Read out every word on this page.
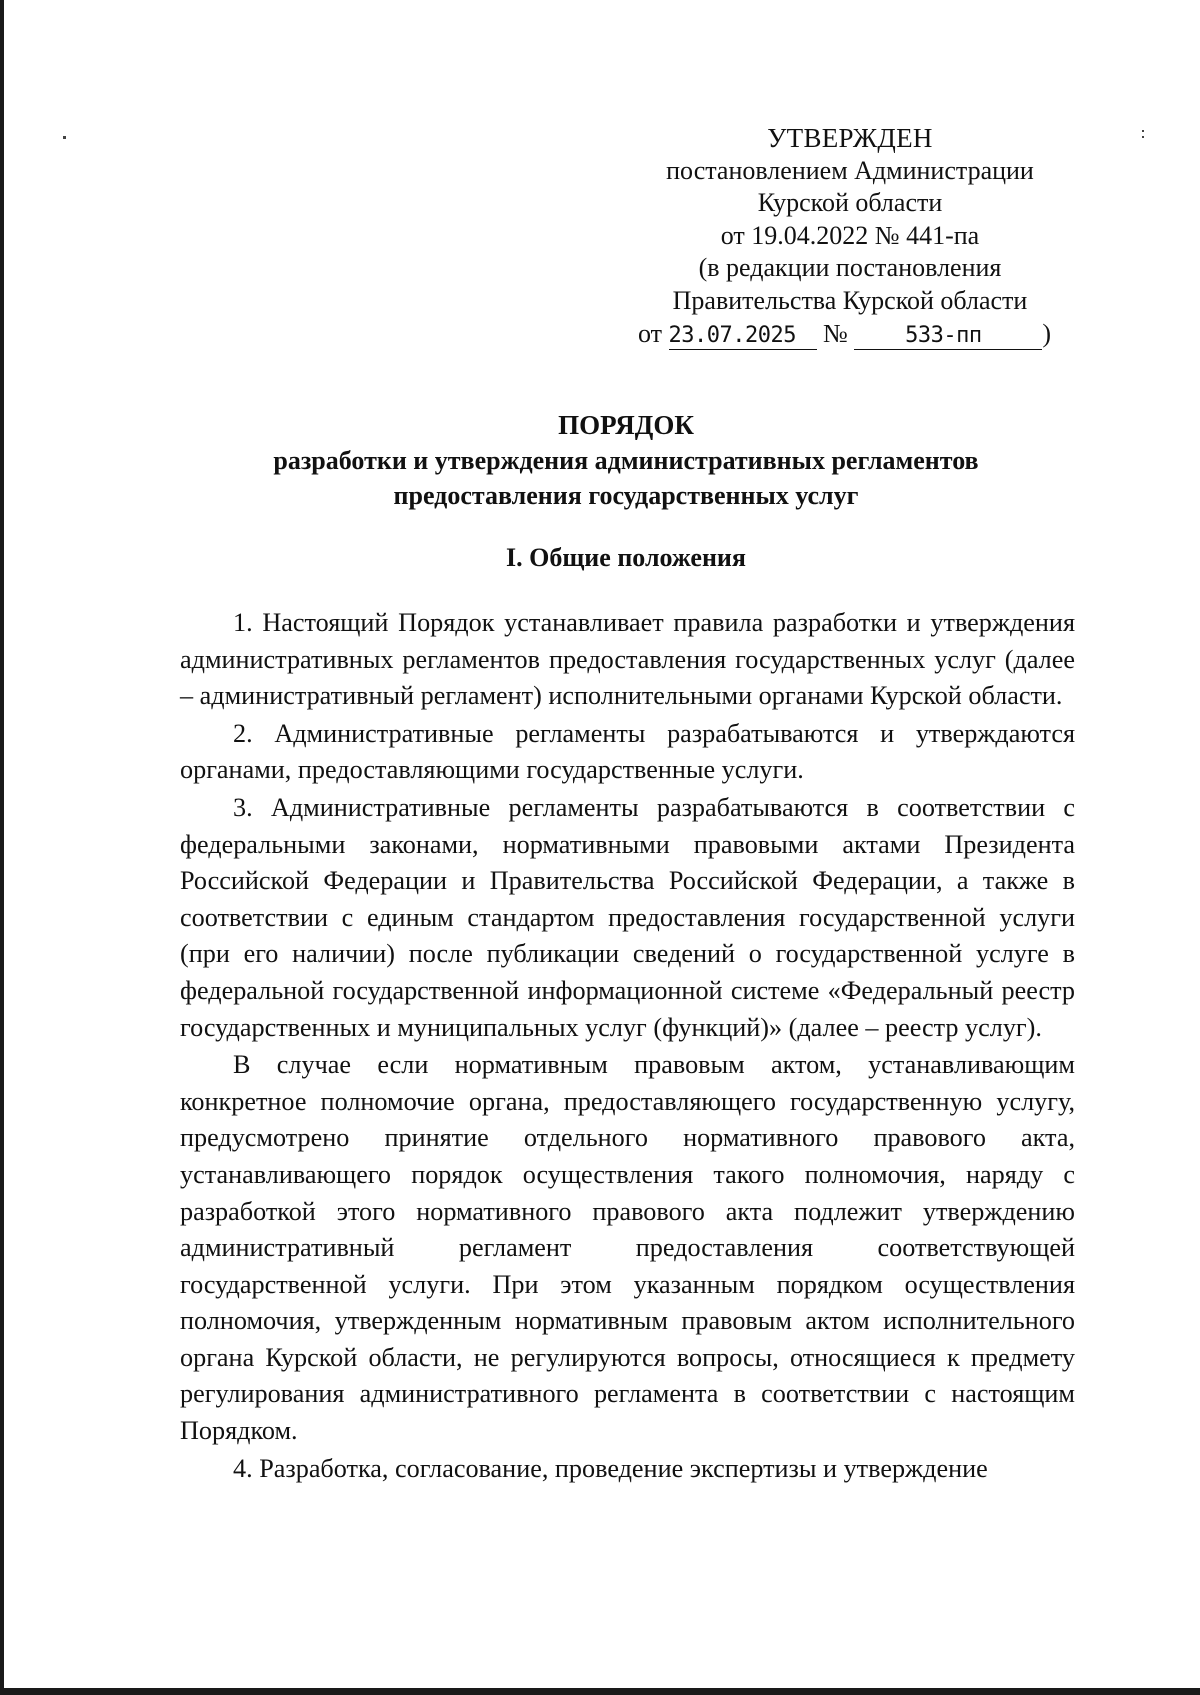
УТВЕРЖДЕН
постановлением Администрации
Курской области
от 19.04.2022 № 441-па
(в редакции постановления
Правительства Курской области
от 23.07.2025 №	533-пп )
ПОРЯДОК
разработки и утверждения административных регламентов
предоставления государственных услуг
I. Общие положения

1. Настоящий Порядок устанавливает правила разработки и утверждения административных регламентов предоставления государственных услуг (далее – административный регламент) исполнительными органами Курской области.

2. Административные регламенты разрабатываются и утверждаются органами, предоставляющими государственные услуги.

3. Административные регламенты разрабатываются в соответствии с федеральными законами, нормативными правовыми актами Президента Российской Федерации и Правительства Российской Федерации, а также в соответствии с единым стандартом предоставления государственной услуги (при его наличии) после публикации сведений о государственной услуге в федеральной государственной информационной системе «Федеральный реестр государственных и муниципальных услуг (функций)» (далее – реестр услуг).

В случае если нормативным правовым актом, устанавливающим конкретное полномочие органа, предоставляющего государственную услугу, предусмотрено принятие отдельного нормативного правового акта, устанавливающего порядок осуществления такого полномочия, наряду с разработкой этого нормативного правового акта подлежит утверждению административный регламент предоставления соответствующей государственной услуги. При этом указанным порядком осуществления полномочия, утвержденным нормативным правовым актом исполнительного органа Курской области, не регулируются вопросы, относящиеся к предмету регулирования административного регламента в соответствии с настоящим Порядком.

4. Разработка, согласование, проведение экспертизы и утверждение
